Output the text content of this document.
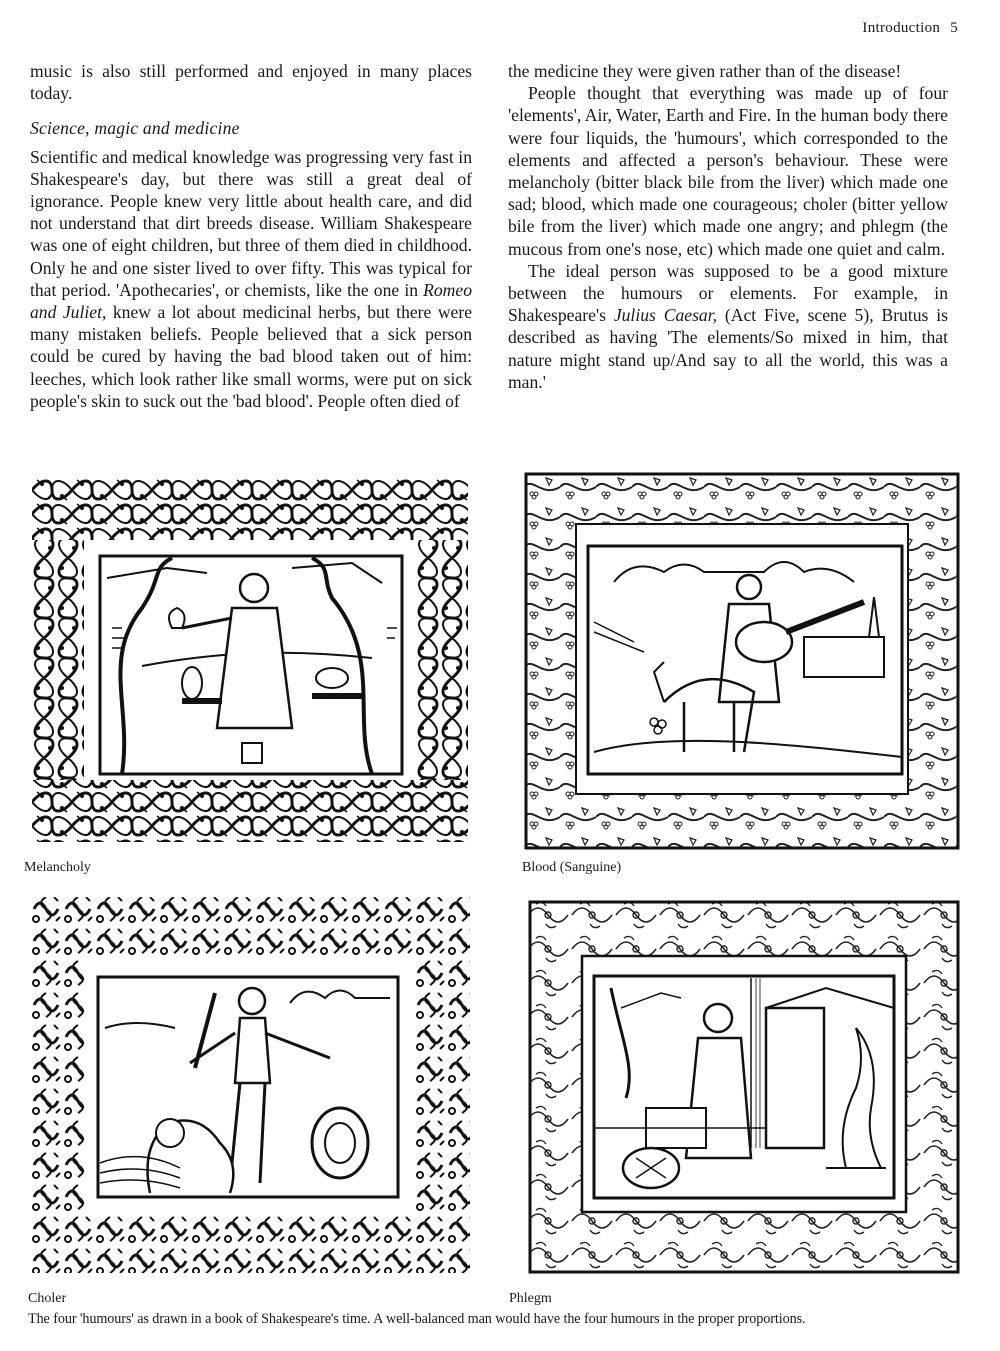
Introduction 5

music is also still performed and enjoyed in many places today.

Science, magic and medicine

Scientific and medical knowledge was progressing very fast in Shakespeare's day, but there was still a great deal of ignorance. People knew very little about health care, and did not understand that dirt breeds disease. William Shakespeare was one of eight children, but three of them died in childhood. Only he and one sister lived to over fifty. This was typical for that period. 'Apothecaries', or chemists, like the one in Romeo and Juliet, knew a lot about medicinal herbs, but there were many mistaken beliefs. People believed that a sick person could be cured by having the bad blood taken out of him: leeches, which look rather like small worms, were put on sick people's skin to suck out the 'bad blood'. People often died of

the medicine they were given rather than of the disease!

People thought that everything was made up of four 'elements', Air, Water, Earth and Fire. In the human body there were four liquids, the 'humours', which corresponded to the elements and affected a person's behaviour. These were melancholy (bitter black bile from the liver) which made one sad; blood, which made one courageous; choler (bitter yellow bile from the liver) which made one angry; and phlegm (the mucous from one's nose, etc) which made one quiet and calm.

The ideal person was supposed to be a good mixture between the humours or elements. For example, in Shakespeare's Julius Caesar, (Act Five, scene 5), Brutus is described as having 'The elements/So mixed in him, that nature might stand up/And say to all the world, this was a man.'

Melancholy	Blood (Sanguine)
Choler	Phlegm
The four 'humours' as drawn in a book of Shakespeare's time. A well-balanced man would have the four humours in the proper proportions.
